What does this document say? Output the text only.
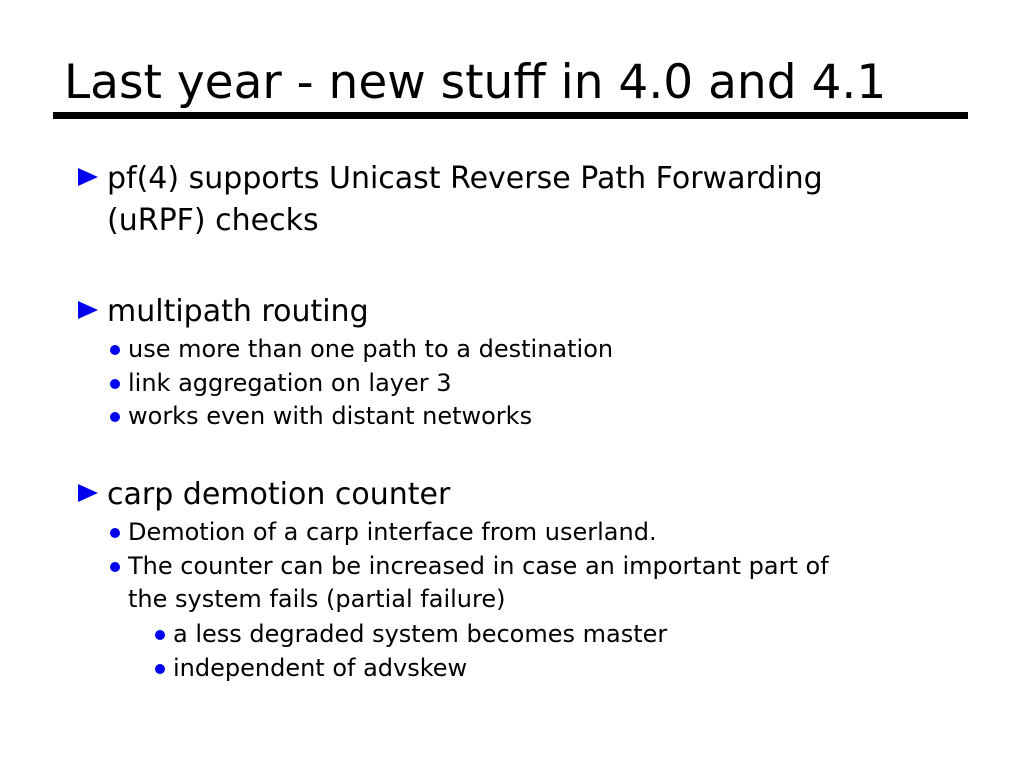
Last year - new stuff in 4.0 and 4.1
pf(4) supports Unicast Reverse Path Forwarding (uRPF) checks
multipath routing
use more than one path to a destination
link aggregation on layer 3
works even with distant networks
carp demotion counter
Demotion of a carp interface from userland.
The counter can be increased in case an important part of the system fails (partial failure)
a less degraded system becomes master
independent of advskew
